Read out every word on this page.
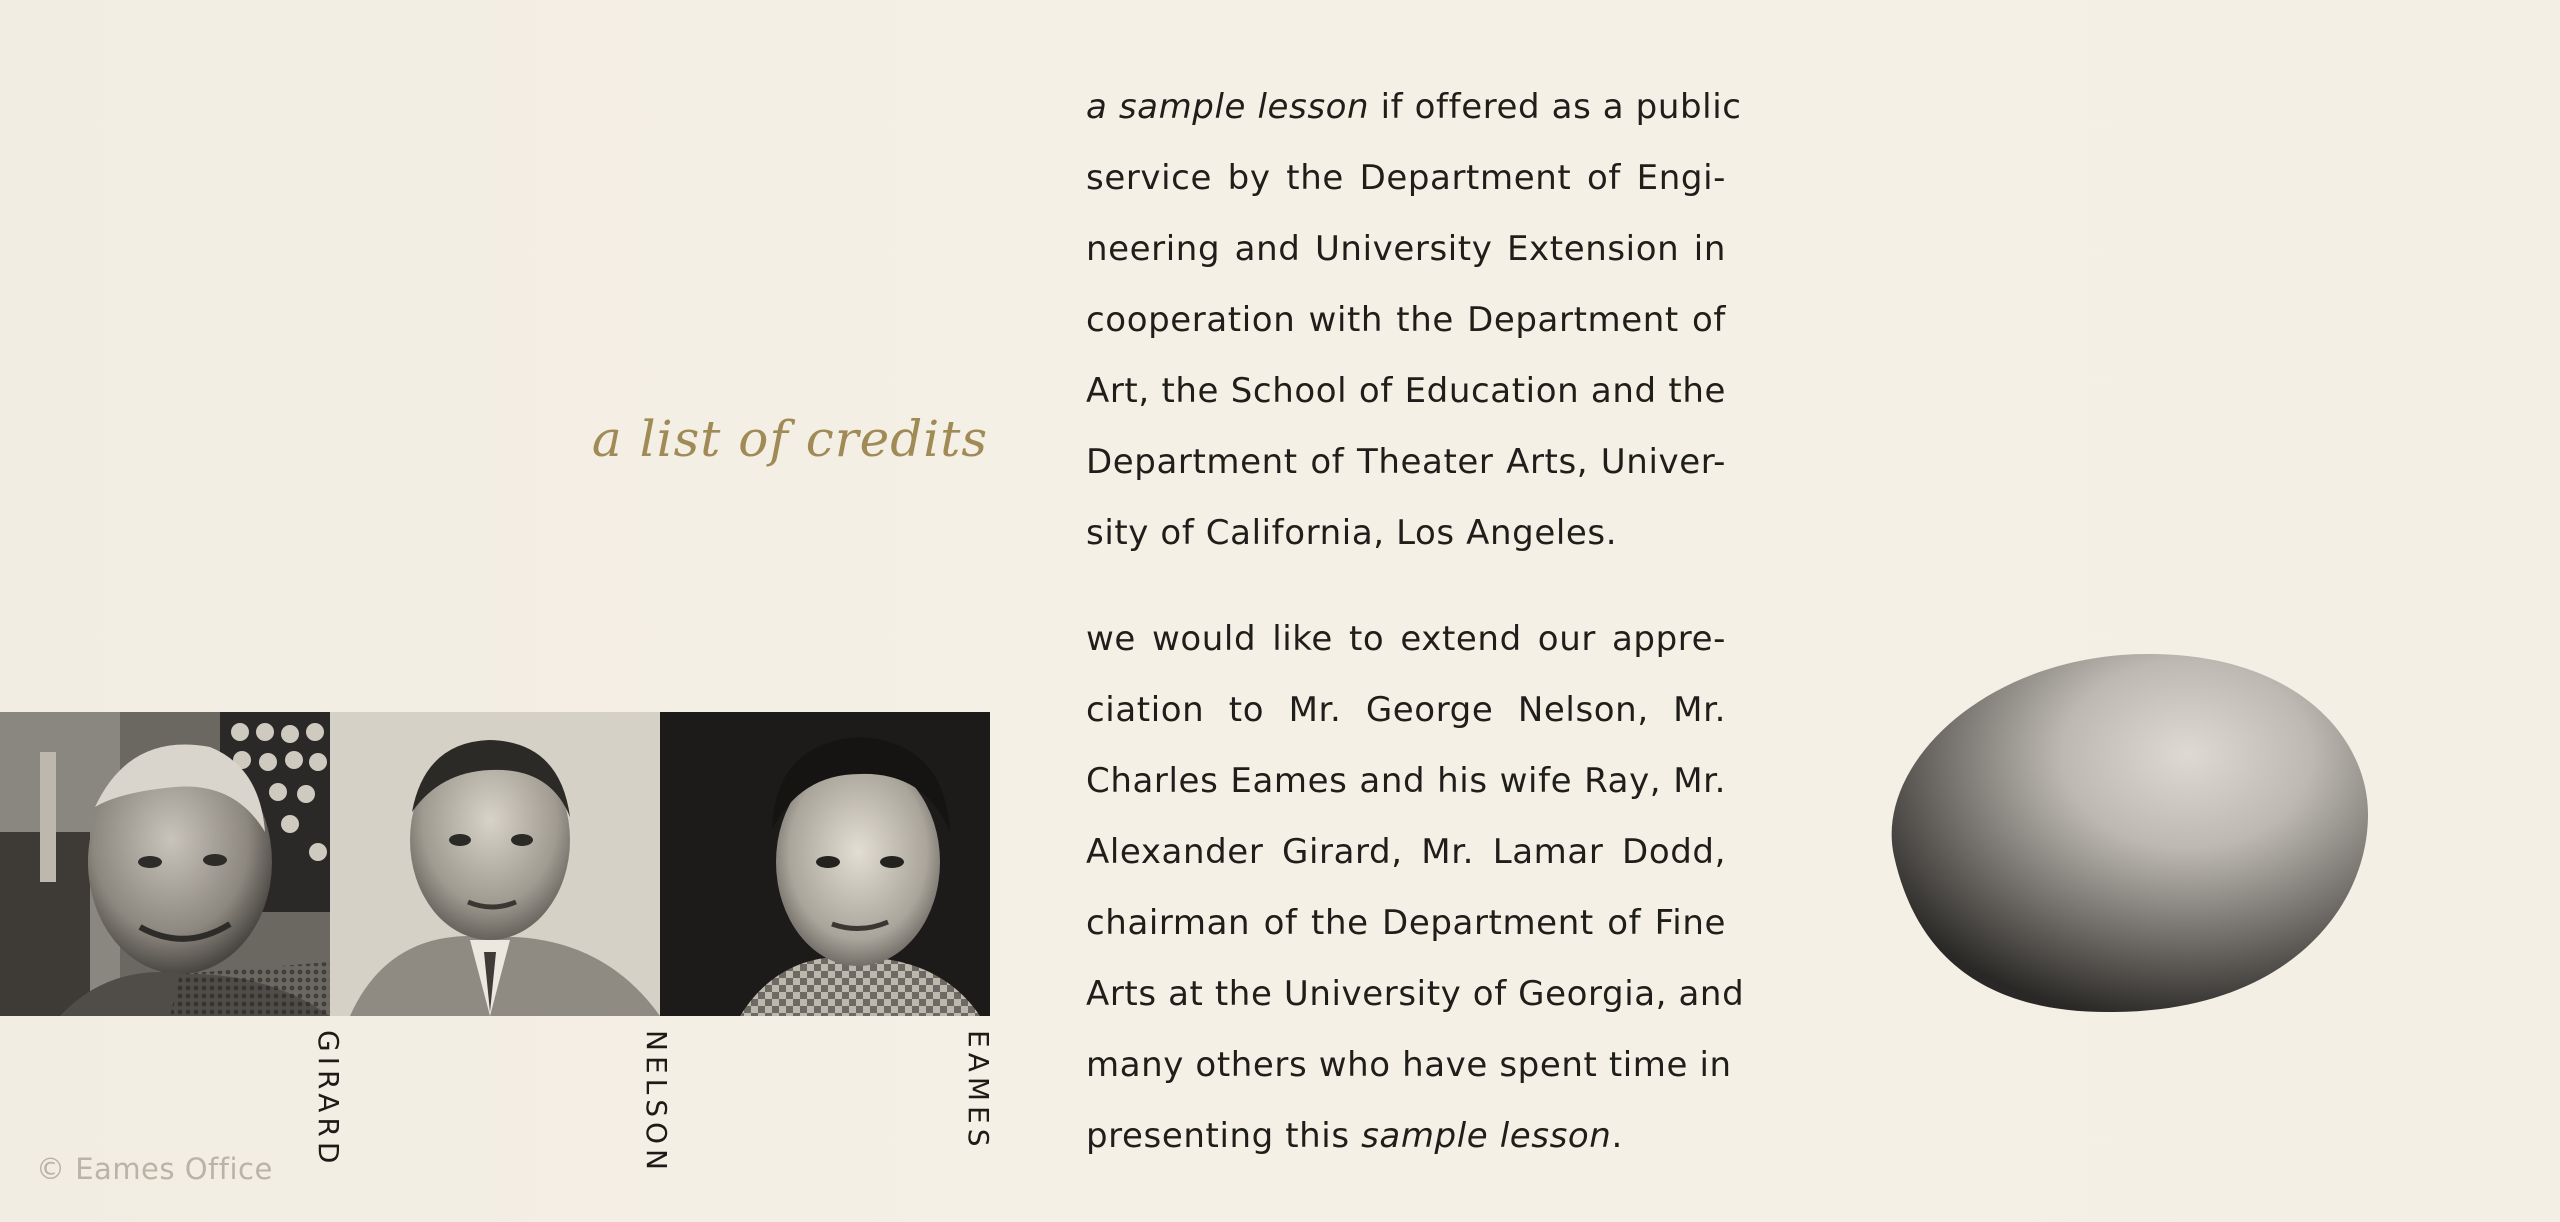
a list of credits

a sample lesson if offered as a public
service by the Department of Engi-
neering and University Extension in
cooperation with the Department of
Art, the School of Education and the
Department of Theater Arts, Univer-
sity of California, Los Angeles.

we would like to extend our appre-
ciation to Mr. George Nelson, Mr.
Charles Eames and his wife Ray, Mr.
Alexander Girard, Mr. Lamar Dodd,
chairman of the Department of Fine
Arts at the University of Georgia, and
many others who have spent time in
presenting this sample lesson.

GIRARD	NELSON	EAMES
© Eames Office
